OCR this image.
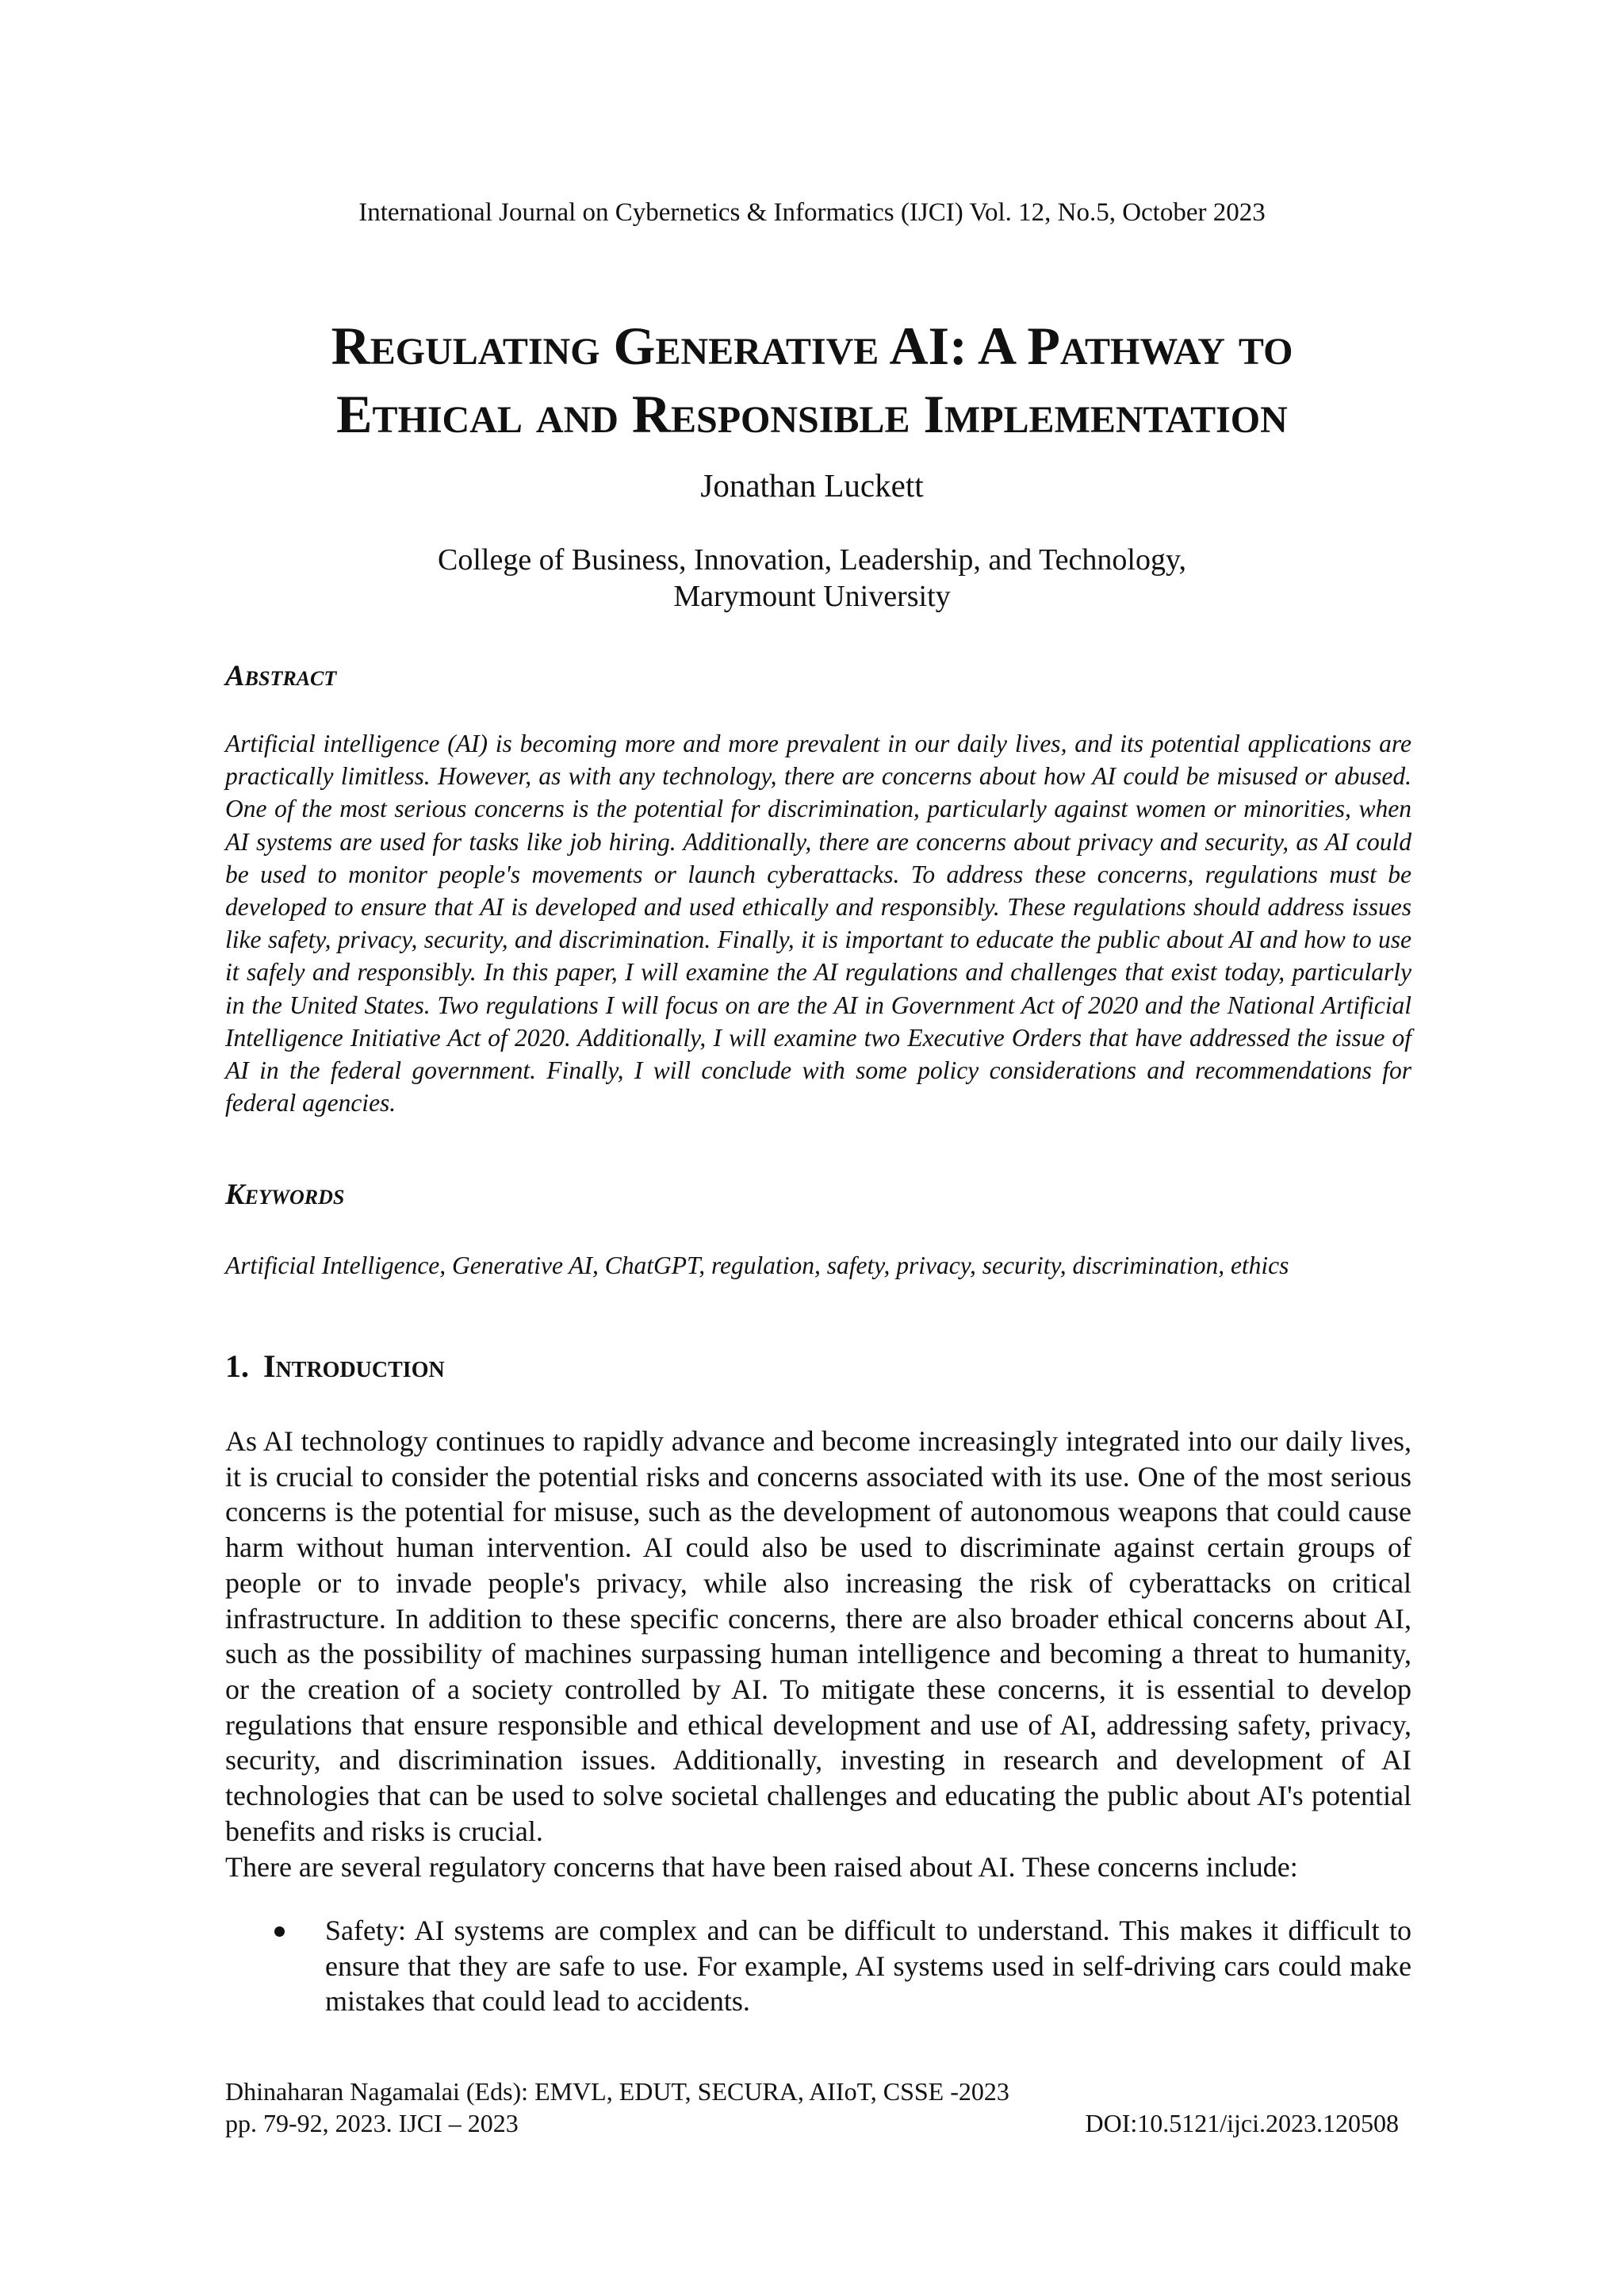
International Journal on Cybernetics & Informatics (IJCI) Vol. 12, No.5, October 2023
Regulating Generative AI: A Pathway to
Ethical and Responsible Implementation
Jonathan Luckett
College of Business, Innovation, Leadership, and Technology,
Marymount University
Abstract

Artificial intelligence (AI) is becoming more and more prevalent in our daily lives, and its potential applications are practically limitless. However, as with any technology, there are concerns about how AI could be misused or abused. One of the most serious concerns is the potential for discrimination, particularly against women or minorities, when AI systems are used for tasks like job hiring. Additionally, there are concerns about privacy and security, as AI could be used to monitor people's movements or launch cyberattacks. To address these concerns, regulations must be developed to ensure that AI is developed and used ethically and responsibly. These regulations should address issues like safety, privacy, security, and discrimination. Finally, it is important to educate the public about AI and how to use it safely and responsibly. In this paper, I will examine the AI regulations and challenges that exist today, particularly in the United States. Two regulations I will focus on are the AI in Government Act of 2020 and the National Artificial Intelligence Initiative Act of 2020. Additionally, I will examine two Executive Orders that have addressed the issue of AI in the federal government. Finally, I will conclude with some policy considerations and recommendations for federal agencies.

Keywords

Artificial Intelligence, Generative AI, ChatGPT, regulation, safety, privacy, security, discrimination, ethics

1. Introduction

As AI technology continues to rapidly advance and become increasingly integrated into our daily lives, it is crucial to consider the potential risks and concerns associated with its use. One of the most serious concerns is the potential for misuse, such as the development of autonomous weapons that could cause harm without human intervention. AI could also be used to discriminate against certain groups of people or to invade people's privacy, while also increasing the risk of cyberattacks on critical infrastructure. In addition to these specific concerns, there are also broader ethical concerns about AI, such as the possibility of machines surpassing human intelligence and becoming a threat to humanity, or the creation of a society controlled by AI. To mitigate these concerns, it is essential to develop regulations that ensure responsible and ethical development and use of AI, addressing safety, privacy, security, and discrimination issues. Additionally, investing in research and development of AI technologies that can be used to solve societal challenges and educating the public about AI's potential benefits and risks is crucial.

There are several regulatory concerns that have been raised about AI. These concerns include:

Safety: AI systems are complex and can be difficult to understand. This makes it difficult to ensure that they are safe to use. For example, AI systems used in self-driving cars could make mistakes that could lead to accidents.
Dhinaharan Nagamalai (Eds): EMVL, EDUT, SECURA, AIIoT, CSSE -2023
pp. 79-92, 2023. IJCI – 2023	DOI:10.5121/ijci.2023.120508
